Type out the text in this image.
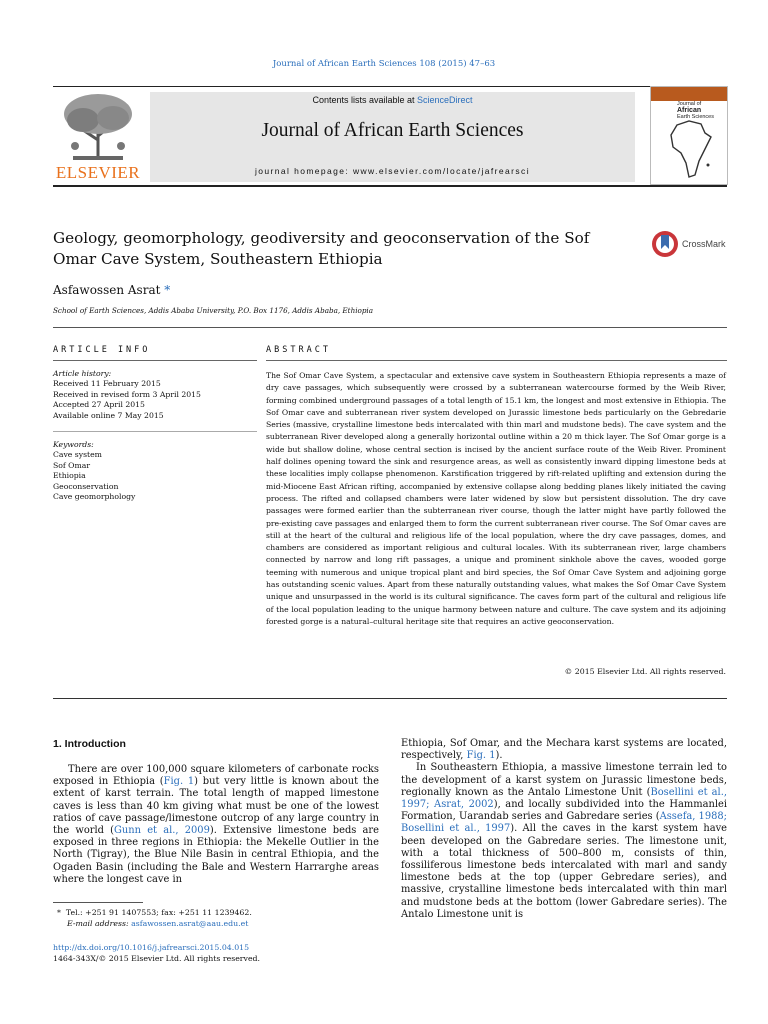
Journal of African Earth Sciences 108 (2015) 47–63
ELSEVIER
Contents lists available at ScienceDirect
Journal of African Earth Sciences
journal homepage: www.elsevier.com/locate/jafrearsci
Journal of
African
Earth Sciences
Geology, geomorphology, geodiversity and geoconservation of the Sof
Omar Cave System, Southeastern Ethiopia
CrossMark
Asfawossen Asrat *
School of Earth Sciences, Addis Ababa University, P.O. Box 1176, Addis Ababa, Ethiopia
ARTICLE INFO
Article history:
Received 11 February 2015
Received in revised form 3 April 2015
Accepted 27 April 2015
Available online 7 May 2015
Keywords:
Cave system
Sof Omar
Ethiopia
Geoconservation
Cave geomorphology
ABSTRACT
The Sof Omar Cave System, a spectacular and extensive cave system in Southeastern Ethiopia represents a maze of dry cave passages, which subsequently were crossed by a subterranean watercourse formed by the Weib River, forming combined underground passages of a total length of 15.1 km, the longest and most extensive in Ethiopia. The Sof Omar cave and subterranean river system developed on Jurassic limestone beds particularly on the Gebredarie Series (massive, crystalline limestone beds intercalated with thin marl and mudstone beds). The cave system and the subterranean River developed along a generally horizontal outline within a 20 m thick layer. The Sof Omar gorge is a wide but shallow doline, whose central section is incised by the ancient surface route of the Weib River. Prominent half dolines opening toward the sink and resurgence areas, as well as consistently inward dipping limestone beds at these localities imply collapse phenomenon. Karstification triggered by rift-related uplifting and extension during the mid-Miocene East African rifting, accompanied by extensive collapse along bedding planes likely initiated the caving process. The rifted and collapsed chambers were later widened by slow but persistent dissolution. The dry cave passages were formed earlier than the subterranean river course, though the latter might have partly followed the pre-existing cave passages and enlarged them to form the current subterranean river course. The Sof Omar caves are still at the heart of the cultural and religious life of the local population, where the dry cave passages, domes, and chambers are considered as important religious and cultural locales. With its subterranean river, large chambers connected by narrow and long rift passages, a unique and prominent sinkhole above the caves, wooded gorge teeming with numerous and unique tropical plant and bird species, the Sof Omar Cave System and adjoining gorge has outstanding scenic values. Apart from these naturally outstanding values, what makes the Sof Omar Cave System unique and unsurpassed in the world is its cultural significance. The caves form part of the cultural and religious life of the local population leading to the unique harmony between nature and culture. The cave system and its adjoining forested gorge is a natural–cultural heritage site that requires an active geoconservation.
© 2015 Elsevier Ltd. All rights reserved.
1. Introduction

There are over 100,000 square kilometers of carbonate rocks exposed in Ethiopia (Fig. 1) but very little is known about the extent of karst terrain. The total length of mapped limestone caves is less than 40 km giving what must be one of the lowest ratios of cave passage/limestone outcrop of any large country in the world (Gunn et al., 2009). Extensive limestone beds are exposed in three regions in Ethiopia: the Mekelle Outlier in the North (Tigray), the Blue Nile Basin in central Ethiopia, and the Ogaden Basin (including the Bale and Western Harrarghe areas where the longest cave in

Ethiopia, Sof Omar, and the Mechara karst systems are located, respectively, Fig. 1).

In Southeastern Ethiopia, a massive limestone terrain led to the development of a karst system on Jurassic limestone beds, regionally known as the Antalo Limestone Unit (Bosellini et al., 1997; Asrat, 2002), and locally subdivided into the Hammanlei Formation, Uarandab series and Gabredare series (Assefa, 1988; Bosellini et al., 1997). All the caves in the karst system have been developed on the Gabredare series. The limestone unit, with a total thickness of 500–800 m, consists of thin, fossiliferous limestone beds intercalated with marl and sandy limestone beds at the top (upper Gebredare series), and massive, crystalline limestone beds intercalated with thin marl and mudstone beds at the bottom (lower Gabredare series). The Antalo Limestone unit is

* Tel.: +251 91 1407553; fax: +251 11 1239462.
E-mail address: asfawossen.asrat@aau.edu.et
http://dx.doi.org/10.1016/j.jafrearsci.2015.04.015
1464-343X/© 2015 Elsevier Ltd. All rights reserved.
